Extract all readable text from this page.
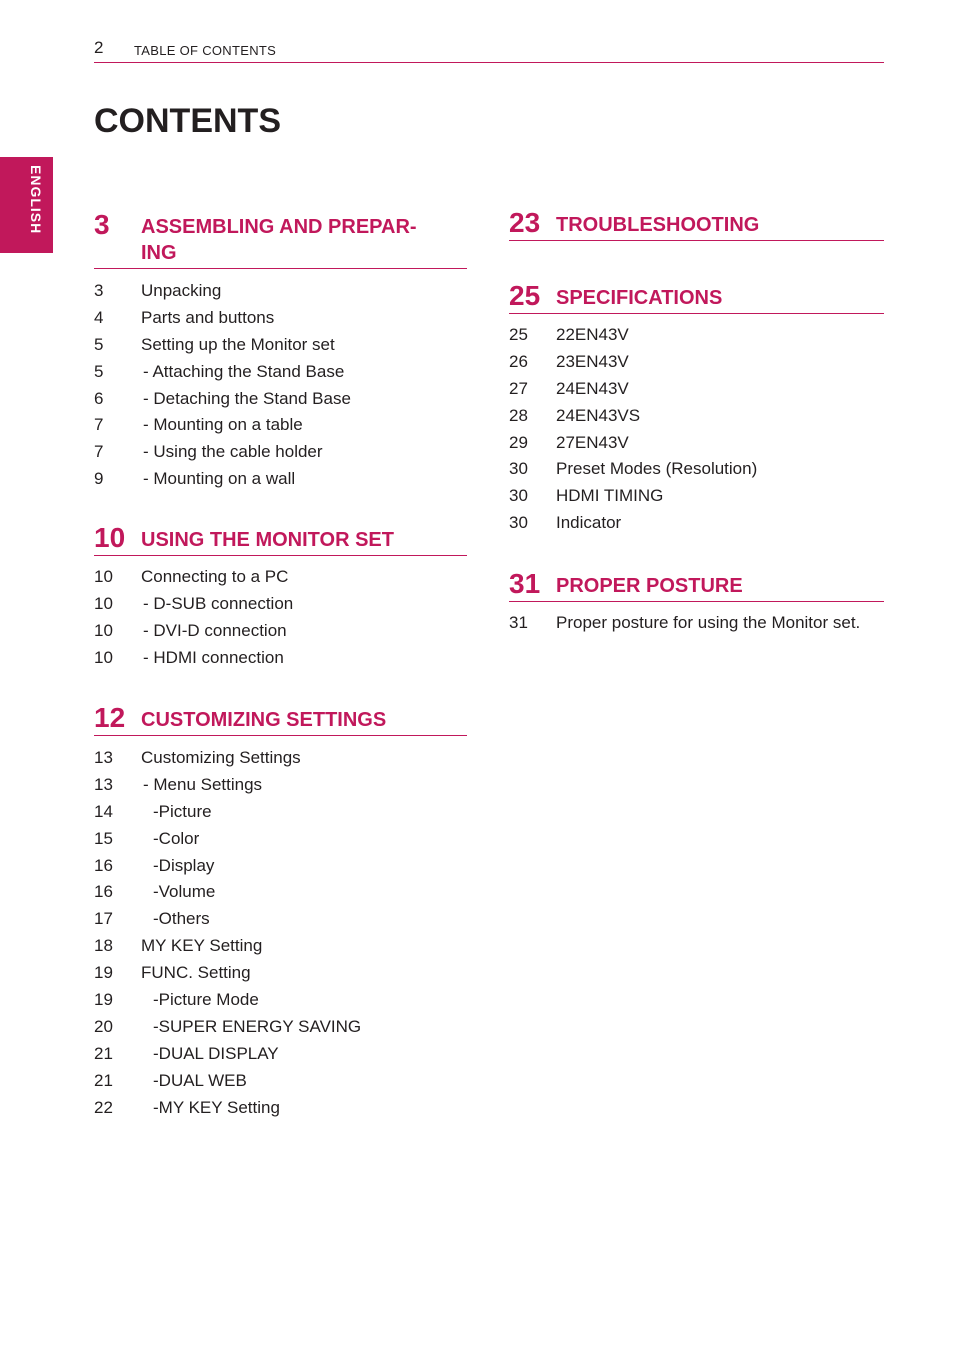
2 TABLE OF CONTENTS
ENGLISH
CONTENTS
3 ASSEMBLING AND PREPAR-
ING
3 Unpacking
4 Parts and buttons
5 Setting up the Monitor set
5 - Attaching the Stand Base
6 - Detaching the Stand Base
7 - Mounting on a table
7 - Using the cable holder
9 - Mounting on a wall
10 USING THE MONITOR SET
10 Connecting to a PC
10 - D-SUB connection
10 - DVI-D connection
10 - HDMI connection
12 CUSTOMIZING SETTINGS
13 Customizing Settings
13 - Menu Settings
14 -Picture
15 -Color
16 -Display
16 -Volume
17 -Others
18 MY KEY Setting
19 FUNC. Setting
19 -Picture Mode
20 -SUPER ENERGY SAVING
21 -DUAL DISPLAY
21 -DUAL WEB
22 -MY KEY Setting
23 TROUBLESHOOTING
25 SPECIFICATIONS
25 22EN43V
26 23EN43V
27 24EN43V
28 24EN43VS
29 27EN43V
30 Preset Modes (Resolution)
30 HDMI TIMING
30 Indicator
31 PROPER POSTURE
31 Proper posture for using the Monitor set.
